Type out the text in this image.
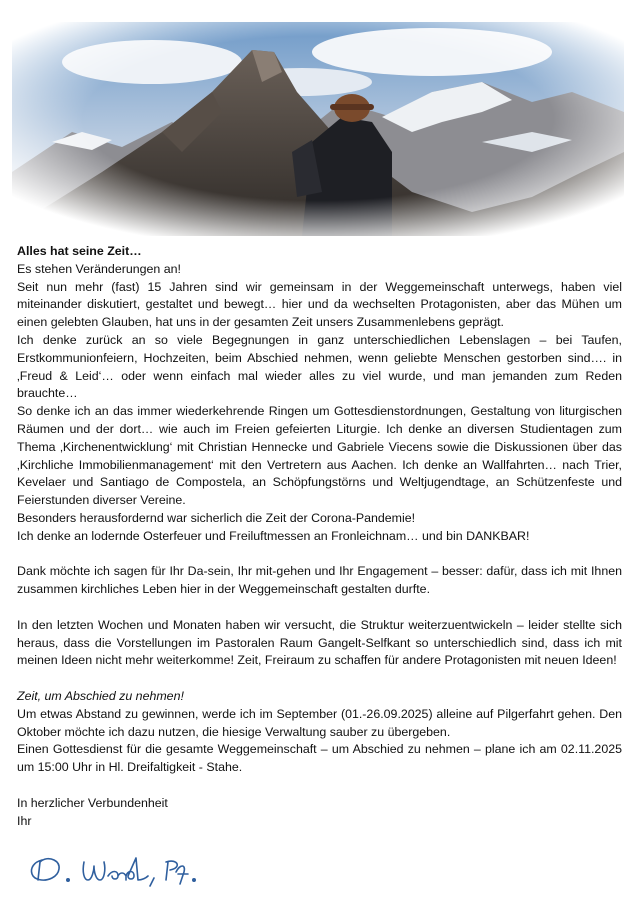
Alles hat seine Zeit…

Es stehen Veränderungen an!

Seit nun mehr (fast) 15 Jahren sind wir gemeinsam in der Weggemeinschaft unterwegs, haben viel miteinander diskutiert, gestaltet und bewegt… hier und da wechselten Protagonisten, aber das Mühen um einen gelebten Glauben, hat uns in der gesamten Zeit unsers Zusammenlebens geprägt.

Ich denke zurück an so viele Begegnungen in ganz unterschiedlichen Lebenslagen – bei Taufen, Erstkommunionfeiern, Hochzeiten, beim Abschied nehmen, wenn geliebte Menschen gestorben sind…. in ‚Freud & Leid‘… oder wenn einfach mal wieder alles zu viel wurde, und man jemanden zum Reden brauchte…

So denke ich an das immer wiederkehrende Ringen um Gottesdienstordnungen, Gestaltung von liturgischen Räumen und der dort… wie auch im Freien gefeierten Liturgie. Ich denke an diversen Studientagen zum Thema ‚Kirchenentwicklung‘ mit Christian Hennecke und Gabriele Viecens sowie die Diskussionen über das ‚Kirchliche Immobilienmanagement‘ mit den Vertretern aus Aachen. Ich denke an Wallfahrten… nach Trier, Kevelaer und Santiago de Compostela, an Schöpfungstörns und Weltjugendtage, an Schützenfeste und Feierstunden diverser Vereine.

Besonders herausfordernd war sicherlich die Zeit der Corona-Pandemie!

Ich denke an lodernde Osterfeuer und Freiluftmessen an Fronleichnam… und bin DANKBAR!

Dank möchte ich sagen für Ihr Da-sein, Ihr mit-gehen und Ihr Engagement – besser: dafür, dass ich mit Ihnen zusammen kirchliches Leben hier in der Weggemeinschaft gestalten durfte.

In den letzten Wochen und Monaten haben wir versucht, die Struktur weiterzuentwickeln – leider stellte sich heraus, dass die Vorstellungen im Pastoralen Raum Gangelt-Selfkant so unterschiedlich sind, dass ich mit meinen Ideen nicht mehr weiterkomme! Zeit, Freiraum zu schaffen für andere Protagonisten mit neuen Ideen!

Zeit, um Abschied zu nehmen!

Um etwas Abstand zu gewinnen, werde ich im September (01.-26.09.2025) alleine auf Pilgerfahrt gehen. Den Oktober möchte ich dazu nutzen, die hiesige Verwaltung sauber zu übergeben.

Einen Gottesdienst für die gesamte Weggemeinschaft – um Abschied zu nehmen – plane ich am 02.11.2025 um 15:00 Uhr in Hl. Dreifaltigkeit - Stahe.

In herzlicher Verbundenheit

Ihr
